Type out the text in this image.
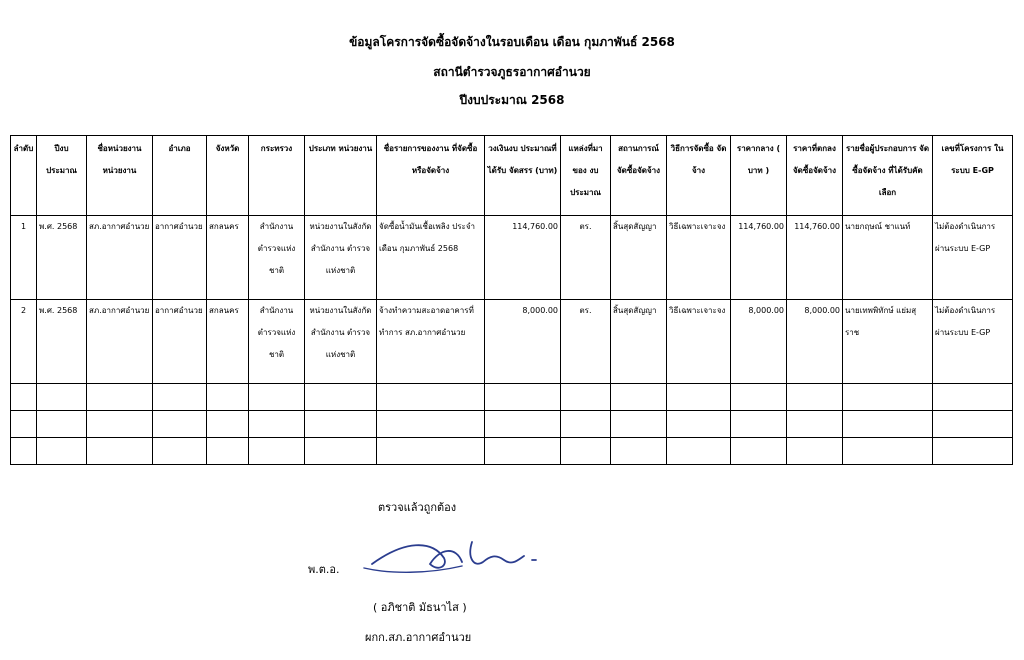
ข้อมูลโครการจัดซื้อจัดจ้างในรอบเดือน เดือน กุมภาพันธ์ 2568
สถานีตำรวจภูธรอากาศอำนวย
ปีงบประมาณ 2568
ลำดับ	ปีงบ ประมาณ	ชื่อหน่วยงาน หน่วยงาน	อำเภอ	จังหวัด	กระทรวง	ประเภท หน่วยงาน	ชื่อรายการของงาน ที่จัดซื้อหรือจัดจ้าง	วงเงินงบ ประมาณที่ได้รับ จัดสรร (บาท)	แหล่งที่มา ของ งบประมาณ	สถานการณ์ จัดซื้อจัดจ้าง	วิธีการจัดซื้อ จัดจ้าง	ราคากลาง ( บาท )	ราคาที่ตกลง จัดซื้อจัดจ้าง	รายชื่อผู้ประกอบการ จัดซื้อจัดจ้าง ที่ได้รับคัดเลือก	เลขที่โครงการ ในระบบ E-GP
1	พ.ศ. 2568	สภ.อากาศอำนวย	อากาศอำนวย	สกลนคร	สำนักงาน ตำรวจแห่งชาติ	หน่วยงานในสังกัด สำนักงาน ตำรวจแห่งชาติ	จัดซื้อน้ำมันเชื้อเพลิง ประจำเดือน กุมภาพันธ์ 2568	114,760.00	ตร.	สิ้นสุดสัญญา	วิธีเฉพาะเจาะจง	114,760.00	114,760.00	นายกฤษณ์ ชาแนท์	ไม่ต้องดำเนินการ ผ่านระบบ E-GP
2	พ.ศ. 2568	สภ.อากาศอำนวย	อากาศอำนวย	สกลนคร	สำนักงาน ตำรวจแห่งชาติ	หน่วยงานในสังกัด สำนักงาน ตำรวจแห่งชาติ	จ้างทำความสะอาดอาคารที่ ทำการ สภ.อากาศอำนวย	8,000.00	ตร.	สิ้นสุดสัญญา	วิธีเฉพาะเจาะจง	8,000.00	8,000.00	นายเทพพิทักษ์ แย่มสุราช	ไม่ต้องดำเนินการ ผ่านระบบ E-GP

ตรวจแล้วถูกต้อง
พ.ต.อ.
( อภิชาติ มัธนาไส )
ผกก.สภ.อากาศอำนวย
